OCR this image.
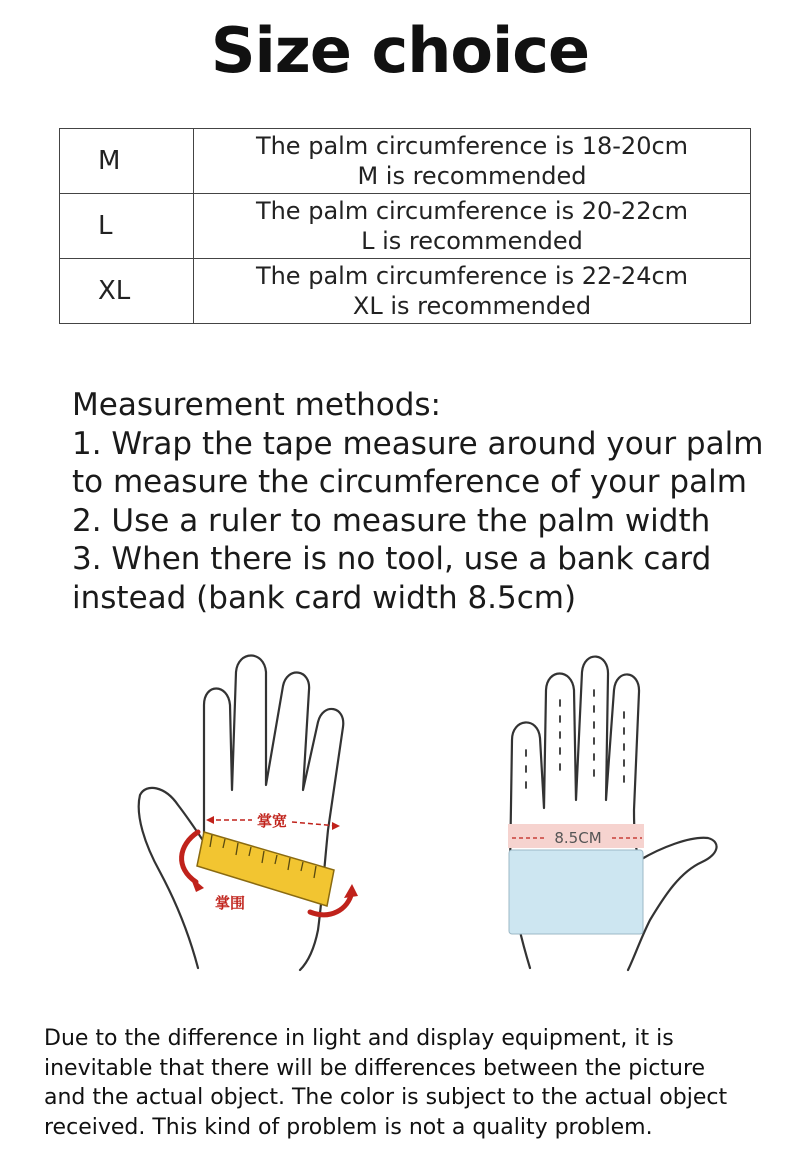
Size choice
M	The palm circumference is 18-20cm
M is recommended

L	The palm circumference is 20-22cm
L is recommended

XL	The palm circumference is 22-24cm
XL is recommended
Measurement methods:
1. Wrap the tape measure around your palm
to measure the circumference of your palm
2. Use a ruler to measure the palm width
3. When there is no tool, use a bank card
instead (bank card width 8.5cm)
掌宽
掌围
8.5CM
Due to the difference in light and display equipment, it is
inevitable that there will be differences between the picture
and the actual object. The color is subject to the actual object
received. This kind of problem is not a quality problem.
